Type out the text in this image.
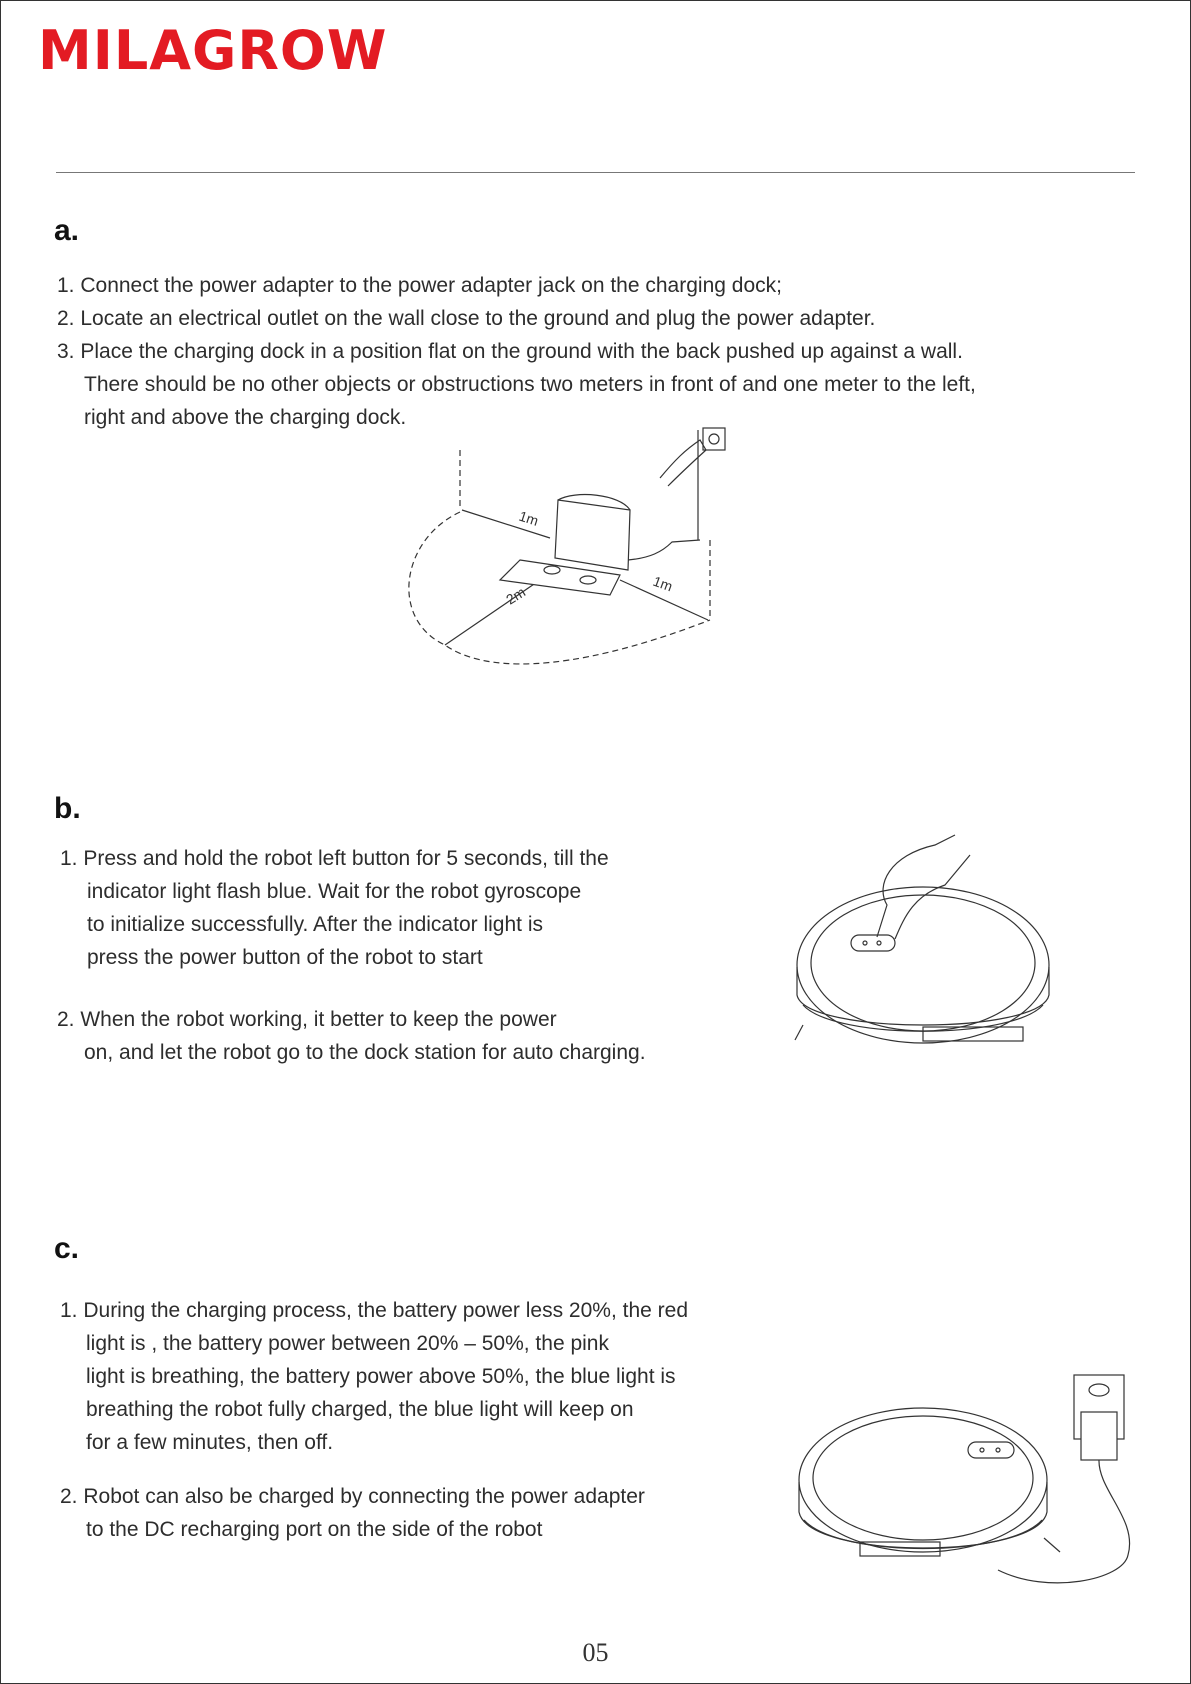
MILAGROW
a.
1. Connect the power adapter to the power adapter jack on the charging dock;
2. Locate an electrical outlet on the wall close to the ground and plug the power adapter.
3. Place the charging dock in a position flat on the ground with the back pushed up against a wall.
There should be no other objects or obstructions two meters in front of and one meter to the left,
right and above the charging dock.
1m
1m
2m
b.
1. Press and hold the robot left button for 5 seconds, till the
indicator light flash blue. Wait for the robot gyroscope
to initialize successfully. After the indicator light is
press the power button of the robot to start
2. When the robot working, it better to keep the power
on, and let the robot go to the dock station for auto charging.
c.
1. During the charging process, the battery power less 20%, the red
light is , the battery power between 20% – 50%, the pink
light is breathing, the battery power above 50%, the blue light is
breathing the robot fully charged, the blue light will keep on
for a few minutes, then off.
2. Robot can also be charged by connecting the power adapter
to the DC recharging port on the side of the robot
05
